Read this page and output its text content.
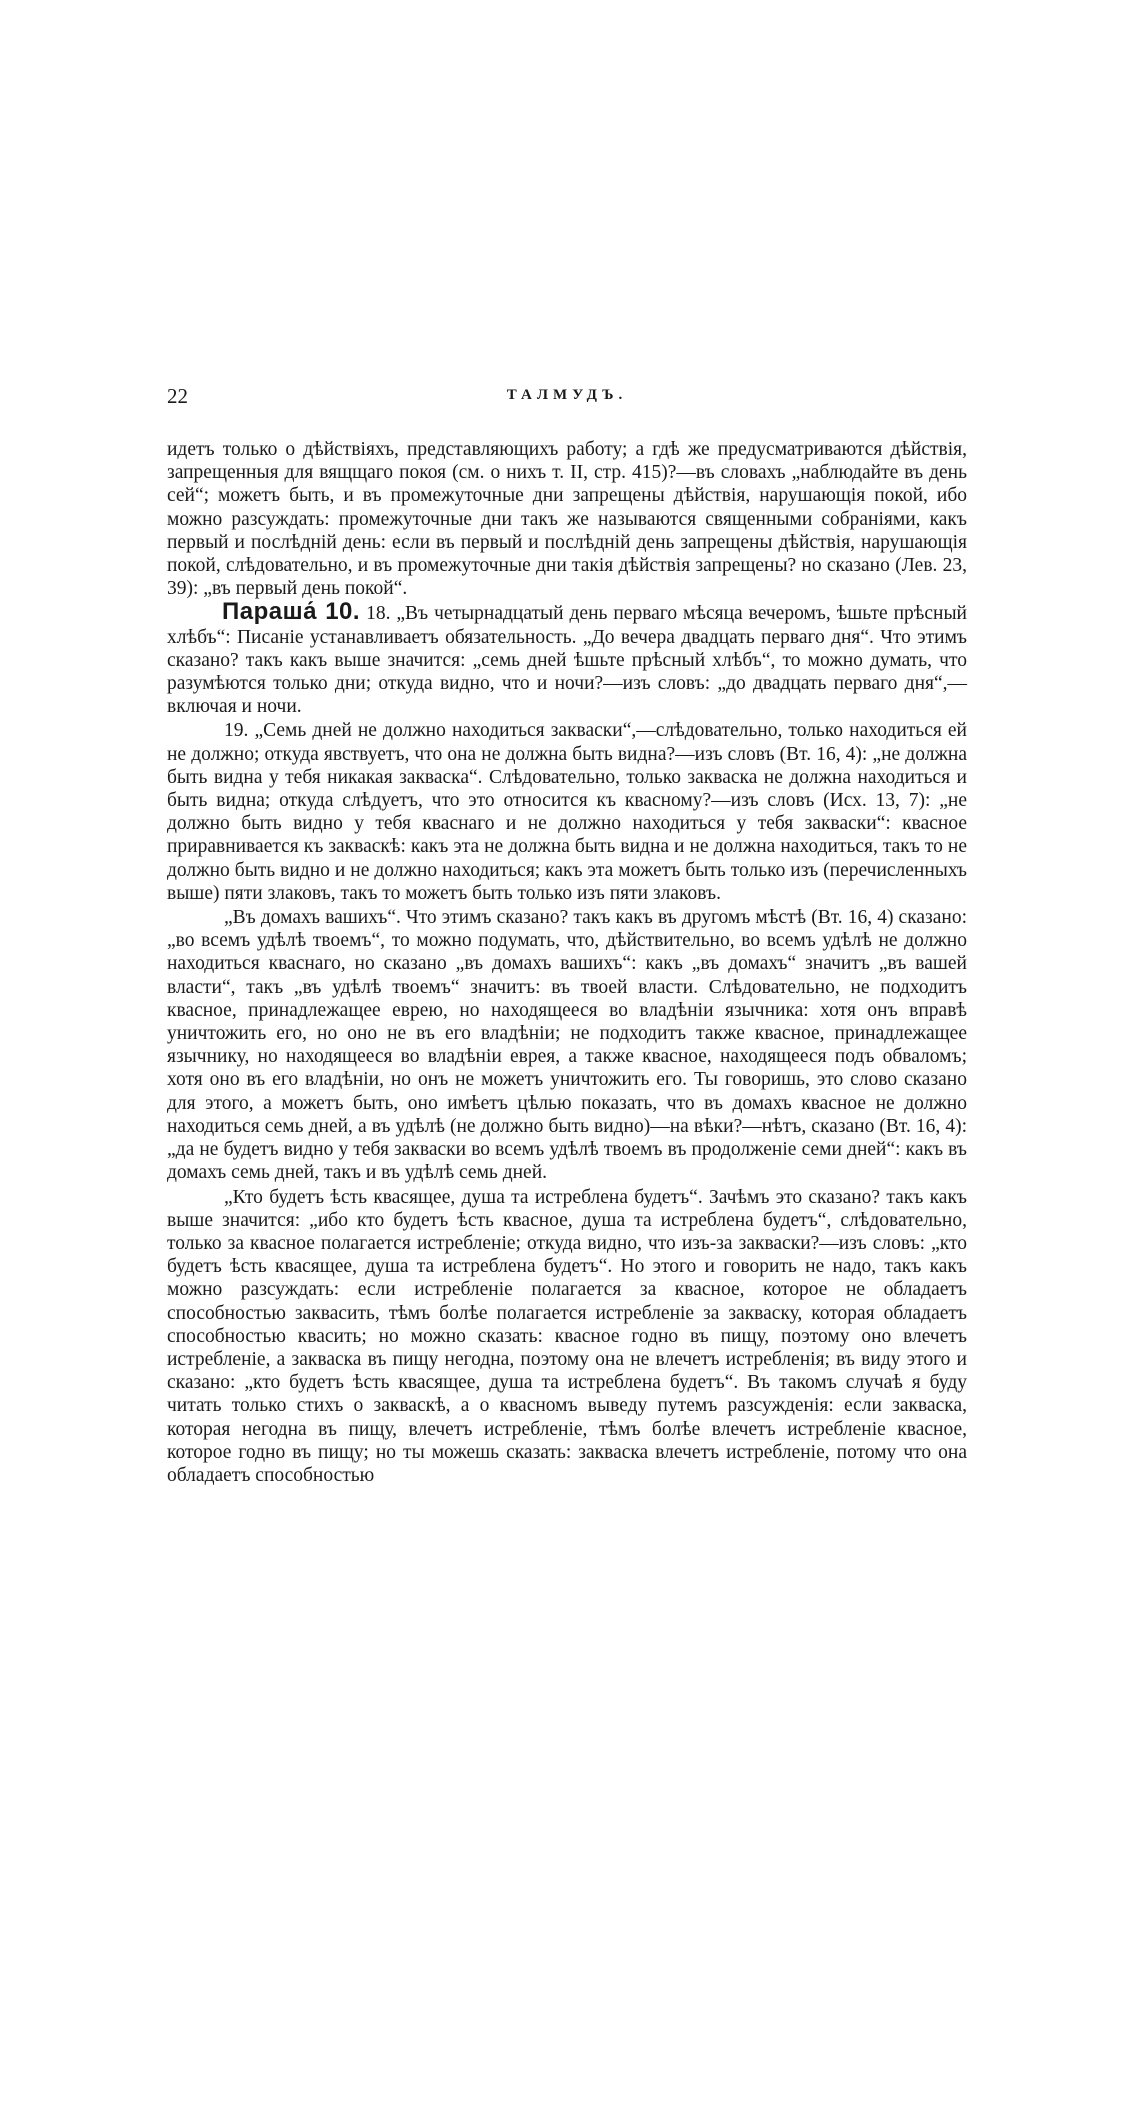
22	ТАЛМУДЪ.

идетъ только о дѣйствіяхъ, представляющихъ работу; а гдѣ же предусматриваются дѣйствія, запрещенныя для вящщаго покоя (см. о нихъ т. II, стр. 415)?—въ словахъ „наблюдайте въ день сей“; можетъ быть, и въ промежуточные дни запрещены дѣйствія, нарушающія покой, ибо можно разсуждать: промежуточные дни такъ же называются священными собраніями, какъ первый и послѣдній день: если въ первый и послѣдній день запрещены дѣйствія, нарушающія покой, слѣдовательно, и въ промежуточные дни такія дѣйствія запрещены? но сказано (Лев. 23, 39): „въ первый день покой“.

Параша́ 10. 18. „Въ четырнадцатый день перваго мѣсяца вечеромъ, ѣшьте прѣсный хлѣбъ“: Писаніе устанавливаетъ обязательность. „До вечера двадцать перваго дня“. Что этимъ сказано? такъ какъ выше значится: „семь дней ѣшьте прѣсный хлѣбъ“, то можно думать, что разумѣются только дни; откуда видно, что и ночи?—изъ словъ: „до двадцать перваго дня“,—включая и ночи.

19. „Семь дней не должно находиться закваски“,—слѣдовательно, только находиться ей не должно; откуда явствуетъ, что она не должна быть видна?—изъ словъ (Вт. 16, 4): „не должна быть видна у тебя никакая закваска“. Слѣдовательно, только закваска не должна находиться и быть видна; откуда слѣдуетъ, что это относится къ квасному?—изъ словъ (Исх. 13, 7): „не должно быть видно у тебя кваснаго и не должно находиться у тебя закваски“: квасное приравнивается къ закваскѣ: какъ эта не должна быть видна и не должна находиться, такъ то не должно быть видно и не должно находиться; какъ эта можетъ быть только изъ (перечисленныхъ выше) пяти злаковъ, такъ то можетъ быть только изъ пяти злаковъ.

„Въ домахъ вашихъ“. Что этимъ сказано? такъ какъ въ другомъ мѣстѣ (Вт. 16, 4) сказано: „во всемъ удѣлѣ твоемъ“, то можно подумать, что, дѣйствительно, во всемъ удѣлѣ не должно находиться кваснаго, но сказано „въ домахъ вашихъ“: какъ „въ домахъ“ значитъ „въ вашей власти“, такъ „въ удѣлѣ твоемъ“ значитъ: въ твоей власти. Слѣдовательно, не подходитъ квасное, принадлежащее еврею, но находящееся во владѣніи язычника: хотя онъ вправѣ уничтожить его, но оно не въ его владѣніи; не подходитъ также квасное, принадлежащее язычнику, но находящееся во владѣніи еврея, а также квасное, находящееся подъ обваломъ; хотя оно въ его владѣніи, но онъ не можетъ уничтожить его. Ты говоришь, это слово сказано для этого, а можетъ быть, оно имѣетъ цѣлью показать, что въ домахъ квасное не должно находиться семь дней, а въ удѣлѣ (не должно быть видно)—на вѣки?—нѣтъ, сказано (Вт. 16, 4): „да не будетъ видно у тебя закваски во всемъ удѣлѣ твоемъ въ продолженіе семи дней“: какъ въ домахъ семь дней, такъ и въ удѣлѣ семь дней.

„Кто будетъ ѣсть квасящее, душа та истреблена будетъ“. Зачѣмъ это сказано? такъ какъ выше значится: „ибо кто будетъ ѣсть квасное, душа та истреблена будетъ“, слѣдовательно, только за квасное полагается истребленіе; откуда видно, что изъ-за закваски?—изъ словъ: „кто будетъ ѣсть квасящее, душа та истреблена будетъ“. Но этого и говорить не надо, такъ какъ можно разсуждать: если истребленіе полагается за квасное, которое не обладаетъ способностью заквасить, тѣмъ болѣе полагается истребленіе за закваску, которая обладаетъ способностью квасить; но можно сказать: квасное годно въ пищу, поэтому оно влечетъ истребленіе, а закваска въ пищу негодна, поэтому она не влечетъ истребленія; въ виду этого и сказано: „кто будетъ ѣсть квасящее, душа та истреблена будетъ“. Въ такомъ случаѣ я буду читать только стихъ о закваскѣ, а о квасномъ выведу путемъ разсужденія: если закваска, которая негодна въ пищу, влечетъ истребленіе, тѣмъ болѣе влечетъ истребленіе квасное, которое годно въ пищу; но ты можешь сказать: закваска влечетъ истребленіе, потому что она обладаетъ способностью
